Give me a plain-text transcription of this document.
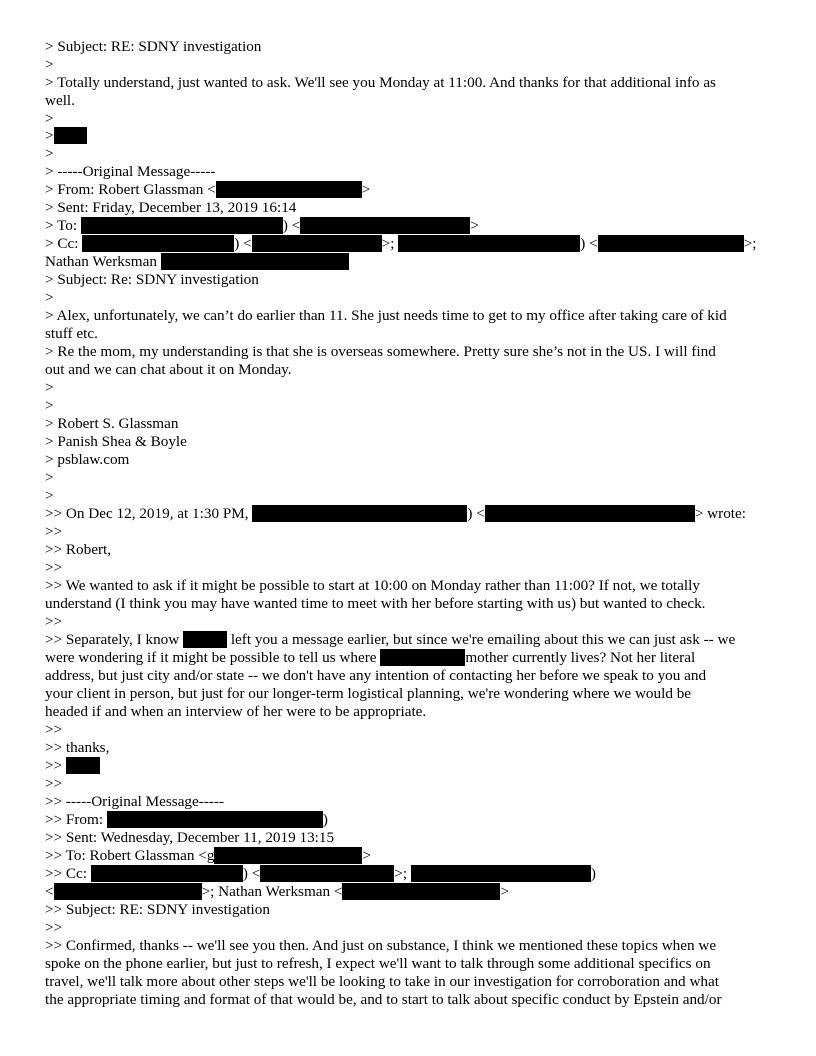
> Subject: RE: SDNY investigation
>
> Totally understand, just wanted to ask. We'll see you Monday at 11:00. And thanks for that additional info as
well.
>
>
>
> -----Original Message-----
> From: Robert Glassman <	>
> Sent: Friday, December 13, 2019 16:14
> To:	) <	>
> Cc:	) <	>;	) <	>;
Nathan Werksman
> Subject: Re: SDNY investigation
>
> Alex, unfortunately, we can’t do earlier than 11. She just needs time to get to my office after taking care of kid
stuff etc.
> Re the mom, my understanding is that she is overseas somewhere. Pretty sure she’s not in the US. I will find
out and we can chat about it on Monday.
>
>
> Robert S. Glassman
> Panish Shea & Boyle
> psblaw.com
>
>
>> On Dec 12, 2019, at 1:30 PM,	) <	> wrote:
>>
>> Robert,
>>
>> We wanted to ask if it might be possible to start at 10:00 on Monday rather than 11:00? If not, we totally
understand (I think you may have wanted time to meet with her before starting with us) but wanted to check.
>>
>> Separately, I know	left you a message earlier, but since we're emailing about this we can just ask -- we
were wondering if it might be possible to tell us where	mother currently lives? Not her literal
address, but just city and/or state -- we don't have any intention of contacting her before we speak to you and
your client in person, but just for our longer-term logistical planning, we're wondering where we would be
headed if and when an interview of her were to be appropriate.
>>
>> thanks,
>>
>>
>> -----Original Message-----
>> From:	)
>> Sent: Wednesday, December 11, 2019 13:15
>> To: Robert Glassman <g	>
>> Cc:	) <	>;	)
<	>; Nathan Werksman <	>
>> Subject: RE: SDNY investigation
>>
>> Confirmed, thanks -- we'll see you then. And just on substance, I think we mentioned these topics when we
spoke on the phone earlier, but just to refresh, I expect we'll want to talk through some additional specifics on
travel, we'll talk more about other steps we'll be looking to take in our investigation for corroboration and what
the appropriate timing and format of that would be, and to start to talk about specific conduct by Epstein and/or
